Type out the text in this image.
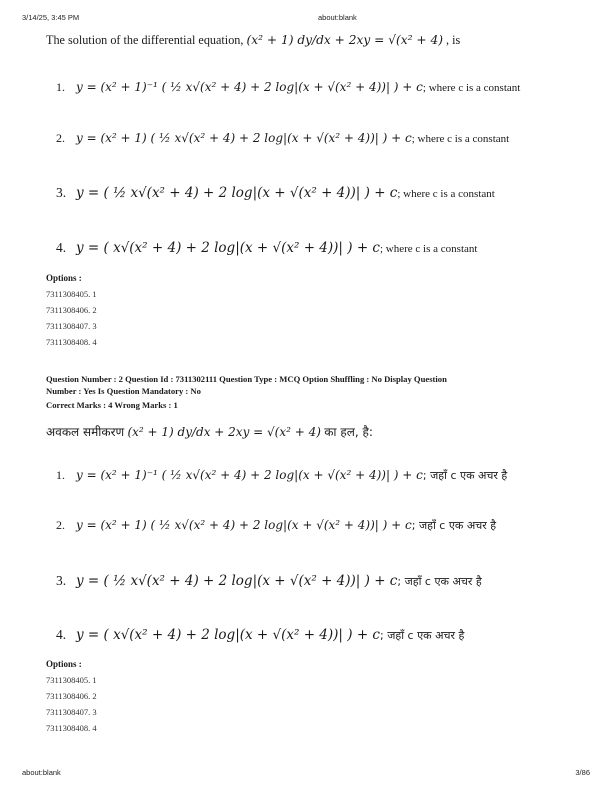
3/14/25, 3:45 PM	about:blank
The solution of the differential equation, (x² + 1) dy/dx + 2xy = √(x² + 4) , is
1. y = (x² + 1)⁻¹ ( ½ x√(x² + 4) + 2 log|(x + √(x² + 4))| ) + c; where c is a constant
2. y = (x² + 1) ( ½ x√(x² + 4) + 2 log|(x + √(x² + 4))| ) + c; where c is a constant
3. y = ( ½ x√(x² + 4) + 2 log|(x + √(x² + 4))| ) + c; where c is a constant
4. y = ( x√(x² + 4) + 2 log|(x + √(x² + 4))| ) + c; where c is a constant
Options :
7311308405. 1
7311308406. 2
7311308407. 3
7311308408. 4
Question Number : 2 Question Id : 7311302111 Question Type : MCQ Option Shuffling : No Display Question
Number : Yes Is Question Mandatory : No
Correct Marks : 4 Wrong Marks : 1
अवकल समीकरण (x² + 1) dy/dx + 2xy = √(x² + 4) का हल, है:
1. y = (x² + 1)⁻¹ ( ½ x√(x² + 4) + 2 log|(x + √(x² + 4))| ) + c; जहाँ c एक अचर है
2. y = (x² + 1) ( ½ x√(x² + 4) + 2 log|(x + √(x² + 4))| ) + c; जहाँ c एक अचर है
3. y = ( ½ x√(x² + 4) + 2 log|(x + √(x² + 4))| ) + c; जहाँ c एक अचर है
4. y = ( x√(x² + 4) + 2 log|(x + √(x² + 4))| ) + c; जहाँ c एक अचर है
Options :
7311308405. 1
7311308406. 2
7311308407. 3
7311308408. 4
about:blank	3/86
